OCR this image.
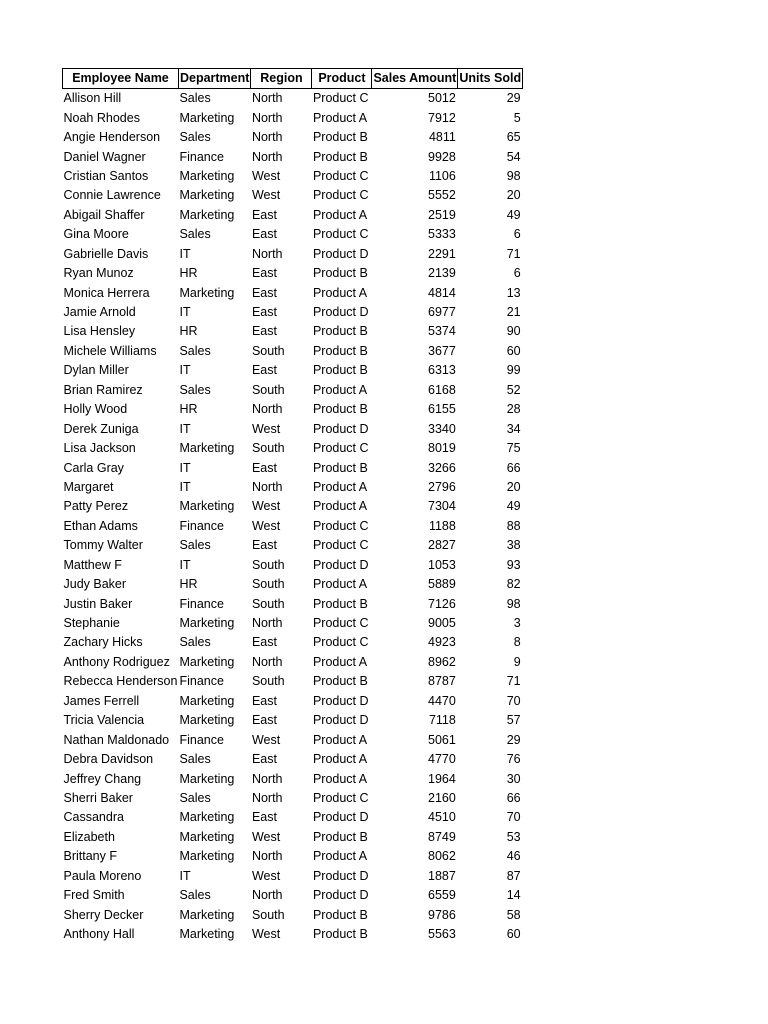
Employee Name	Department	Region	Product	Sales Amount	Units Sold
Allison Hill	Sales	North	Product C	5012	29
Noah Rhodes	Marketing	North	Product A	7912	5
Angie Henderson	Sales	North	Product B	4811	65
Daniel Wagner	Finance	North	Product B	9928	54
Cristian Santos	Marketing	West	Product C	1106	98
Connie Lawrence	Marketing	West	Product C	5552	20
Abigail Shaffer	Marketing	East	Product A	2519	49
Gina Moore	Sales	East	Product C	5333	6
Gabrielle Davis	IT	North	Product D	2291	71
Ryan Munoz	HR	East	Product B	2139	6
Monica Herrera	Marketing	East	Product A	4814	13
Jamie Arnold	IT	East	Product D	6977	21
Lisa Hensley	HR	East	Product B	5374	90
Michele Williams	Sales	South	Product B	3677	60
Dylan Miller	IT	East	Product B	6313	99
Brian Ramirez	Sales	South	Product A	6168	52
Holly Wood	HR	North	Product B	6155	28
Derek Zuniga	IT	West	Product D	3340	34
Lisa Jackson	Marketing	South	Product C	8019	75
Carla Gray	IT	East	Product B	3266	66
Margaret	IT	North	Product A	2796	20
Patty Perez	Marketing	West	Product A	7304	49
Ethan Adams	Finance	West	Product C	1188	88
Tommy Walter	Sales	East	Product C	2827	38
Matthew F	IT	South	Product D	1053	93
Judy Baker	HR	South	Product A	5889	82
Justin Baker	Finance	South	Product B	7126	98
Stephanie	Marketing	North	Product C	9005	3
Zachary Hicks	Sales	East	Product C	4923	8
Anthony Rodriguez	Marketing	North	Product A	8962	9
Rebecca Henderson	Finance	South	Product B	8787	71
James Ferrell	Marketing	East	Product D	4470	70
Tricia Valencia	Marketing	East	Product D	7118	57
Nathan Maldonado	Finance	West	Product A	5061	29
Debra Davidson	Sales	East	Product A	4770	76
Jeffrey Chang	Marketing	North	Product A	1964	30
Sherri Baker	Sales	North	Product C	2160	66
Cassandra	Marketing	East	Product D	4510	70
Elizabeth	Marketing	West	Product B	8749	53
Brittany F	Marketing	North	Product A	8062	46
Paula Moreno	IT	West	Product D	1887	87
Fred Smith	Sales	North	Product D	6559	14
Sherry Decker	Marketing	South	Product B	9786	58
Anthony Hall	Marketing	West	Product B	5563	60
